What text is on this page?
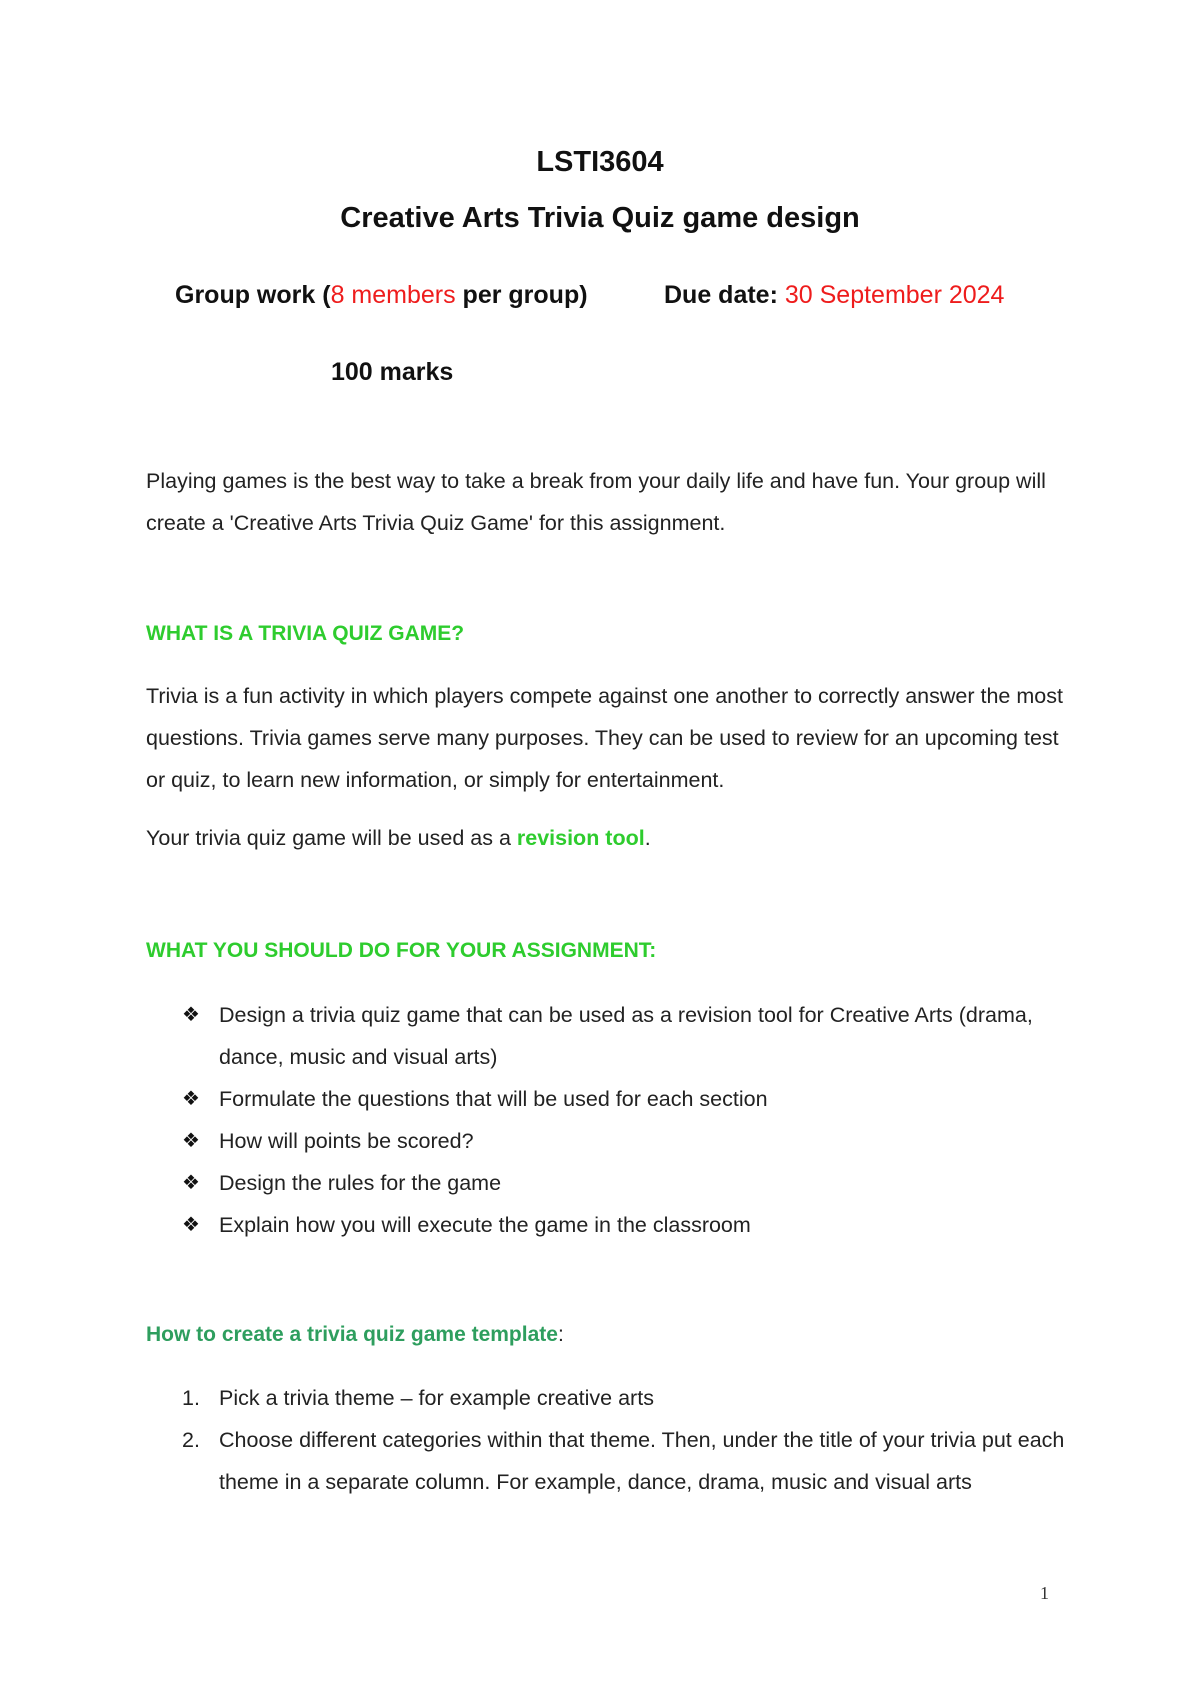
LSTI3604
Creative Arts Trivia Quiz game design
Group work (8 members per group)	Due date: 30 September 2024
100 marks
Playing games is the best way to take a break from your daily life and have fun. Your group will create a 'Creative Arts Trivia Quiz Game' for this assignment.
WHAT IS A TRIVIA QUIZ GAME?
Trivia is a fun activity in which players compete against one another to correctly answer the most questions. Trivia games serve many purposes. They can be used to review for an upcoming test or quiz, to learn new information, or simply for entertainment.
Your trivia quiz game will be used as a revision tool.
WHAT YOU SHOULD DO FOR YOUR ASSIGNMENT:
❖ Design a trivia quiz game that can be used as a revision tool for Creative Arts (drama, dance, music and visual arts)
❖ Formulate the questions that will be used for each section
❖ How will points be scored?
❖ Design the rules for the game
❖ Explain how you will execute the game in the classroom
How to create a trivia quiz game template:
1. Pick a trivia theme – for example creative arts
2. Choose different categories within that theme. Then, under the title of your trivia put each theme in a separate column. For example, dance, drama, music and visual arts
1
